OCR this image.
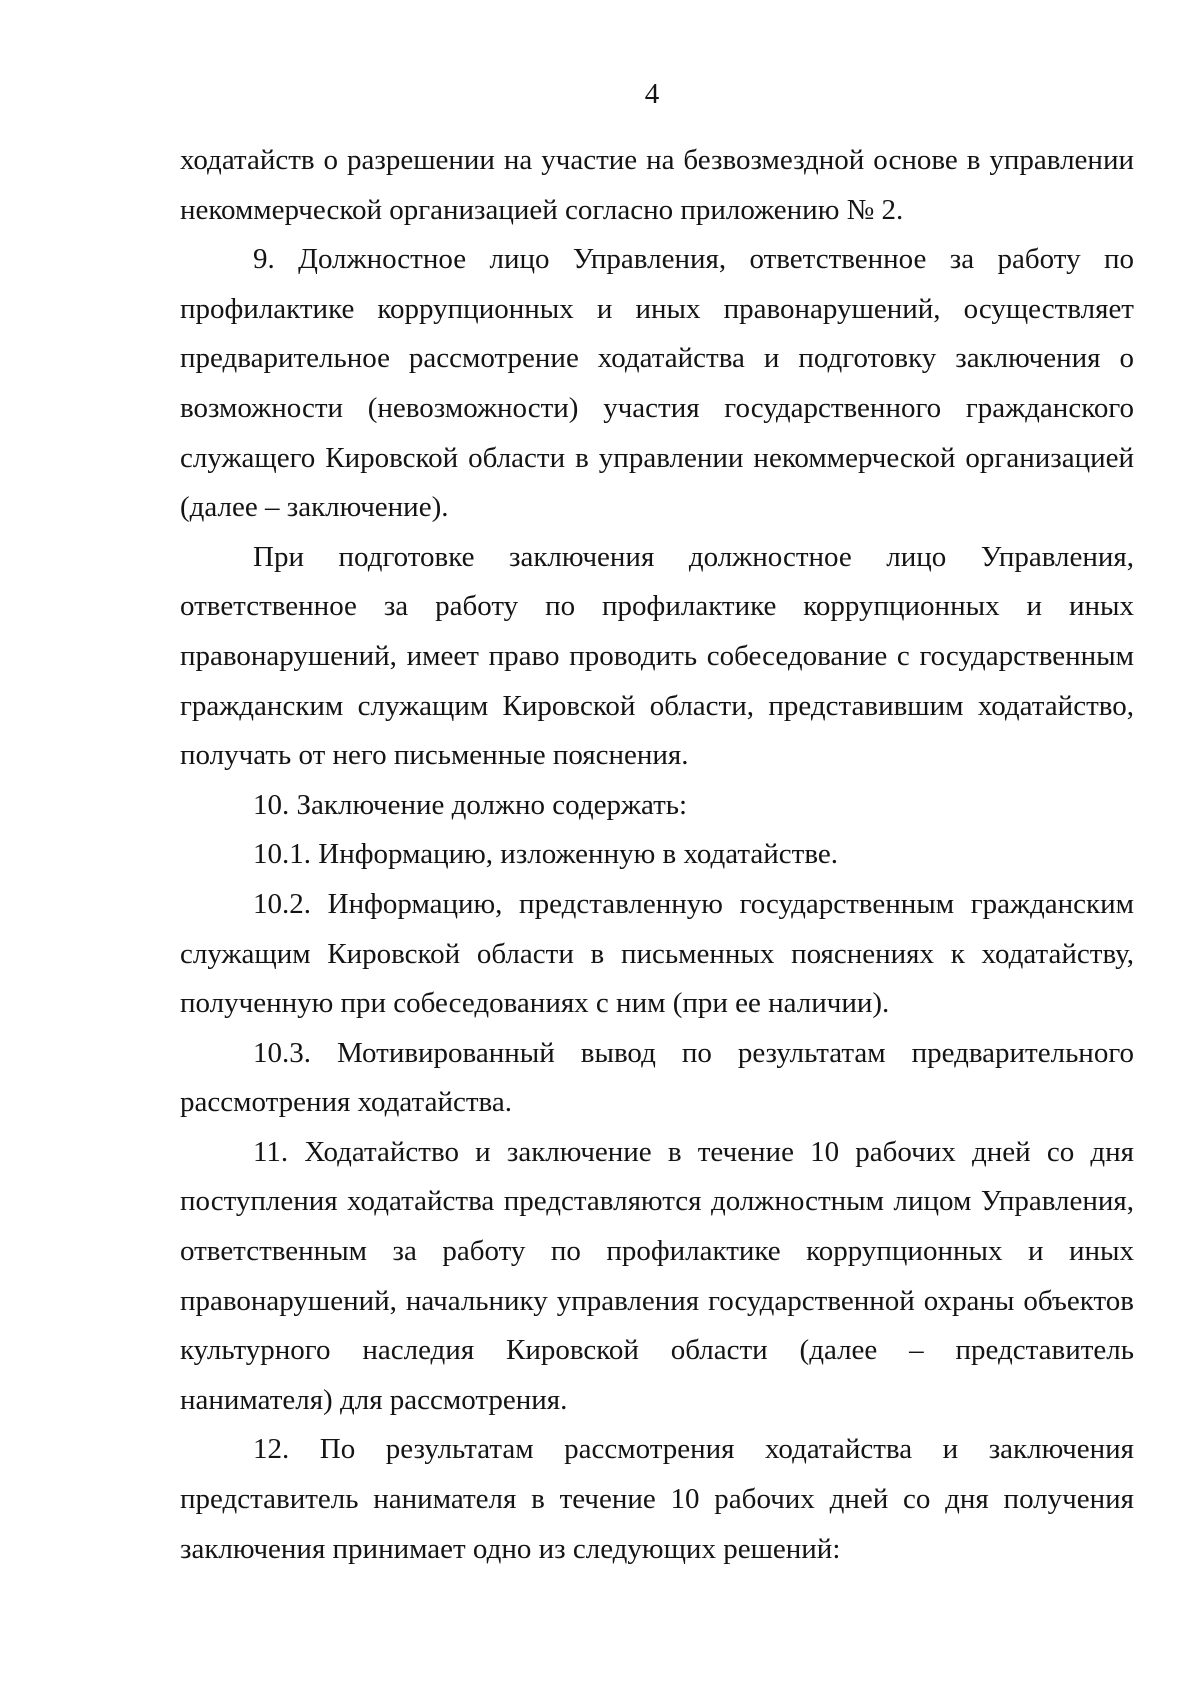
4

ходатайств о разрешении на участие на безвозмездной основе в управлении некоммерческой организацией согласно приложению № 2.

9. Должностное лицо Управления, ответственное за работу по профилактике коррупционных и иных правонарушений, осуществляет предварительное рассмотрение ходатайства и подготовку заключения о возможности (невозможности) участия государственного гражданского служащего Кировской области в управлении некоммерческой организацией (далее – заключение).

При подготовке заключения должностное лицо Управления, ответственное за работу по профилактике коррупционных и иных правонарушений, имеет право проводить собеседование с государственным гражданским служащим Кировской области, представившим ходатайство, получать от него письменные пояснения.

10. Заключение должно содержать:

10.1. Информацию, изложенную в ходатайстве.

10.2. Информацию, представленную государственным гражданским служащим Кировской области в письменных пояснениях к ходатайству, полученную при собеседованиях с ним (при ее наличии).

10.3. Мотивированный вывод по результатам предварительного рассмотрения ходатайства.

11. Ходатайство и заключение в течение 10 рабочих дней со дня поступления ходатайства представляются должностным лицом Управления, ответственным за работу по профилактике коррупционных и иных правонарушений, начальнику управления государственной охраны объектов культурного наследия Кировской области (далее – представитель нанимателя) для рассмотрения.

12. По результатам рассмотрения ходатайства и заключения представитель нанимателя в течение 10 рабочих дней со дня получения заключения принимает одно из следующих решений:
